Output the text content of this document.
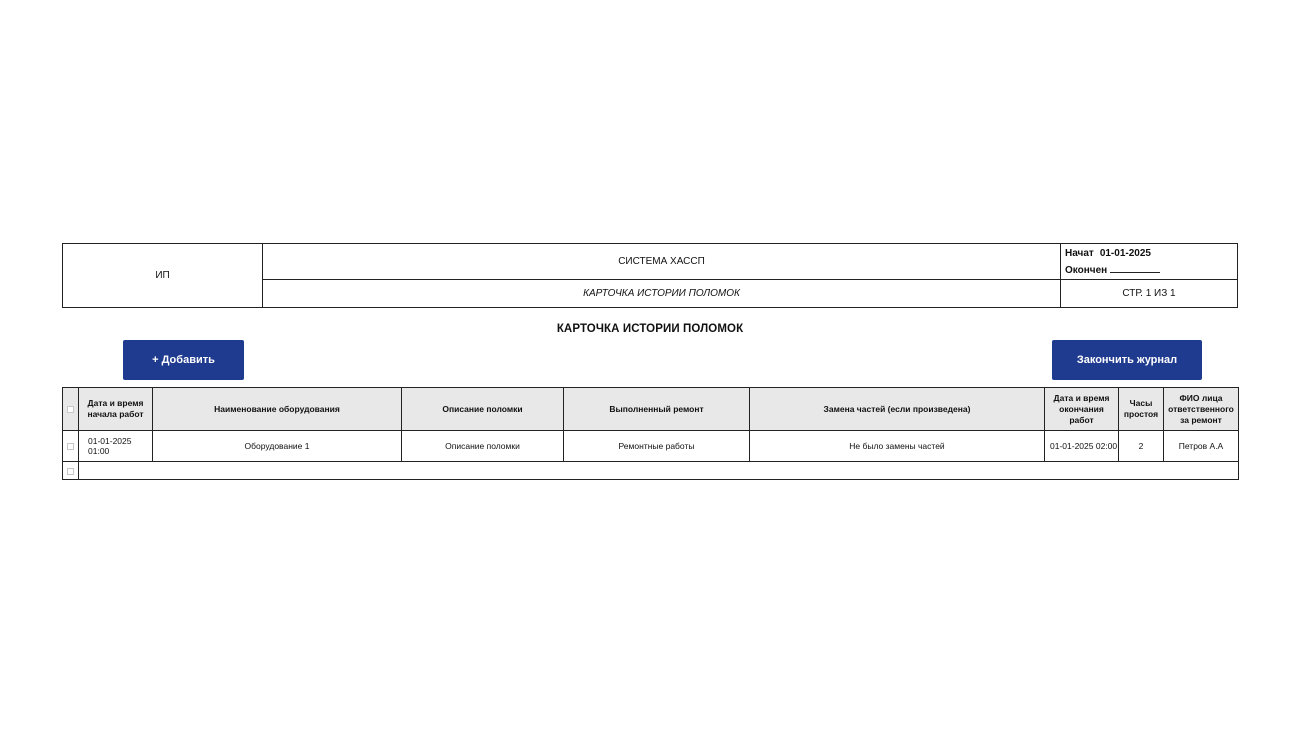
ИП	СИСТЕМА ХАССП	Начат 01-01-2025
Окончен

	КАРТОЧКА ИСТОРИИ ПОЛОМОК	СТР. 1 ИЗ 1
КАРТОЧКА ИСТОРИИ ПОЛОМОК
+ Добавить	Закончить журнал
	Дата и время начала работ	Наименование оборудования	Описание поломки	Выполненный ремонт	Замена частей (если произведена)	Дата и время окончания работ	Часы простоя	ФИО лица ответственного за ремонт
	01-01-2025 01:00	Оборудование 1	Описание поломки	Ремонтные работы	Не было замены частей	01-01-2025 02:00	2	Петров А.А
